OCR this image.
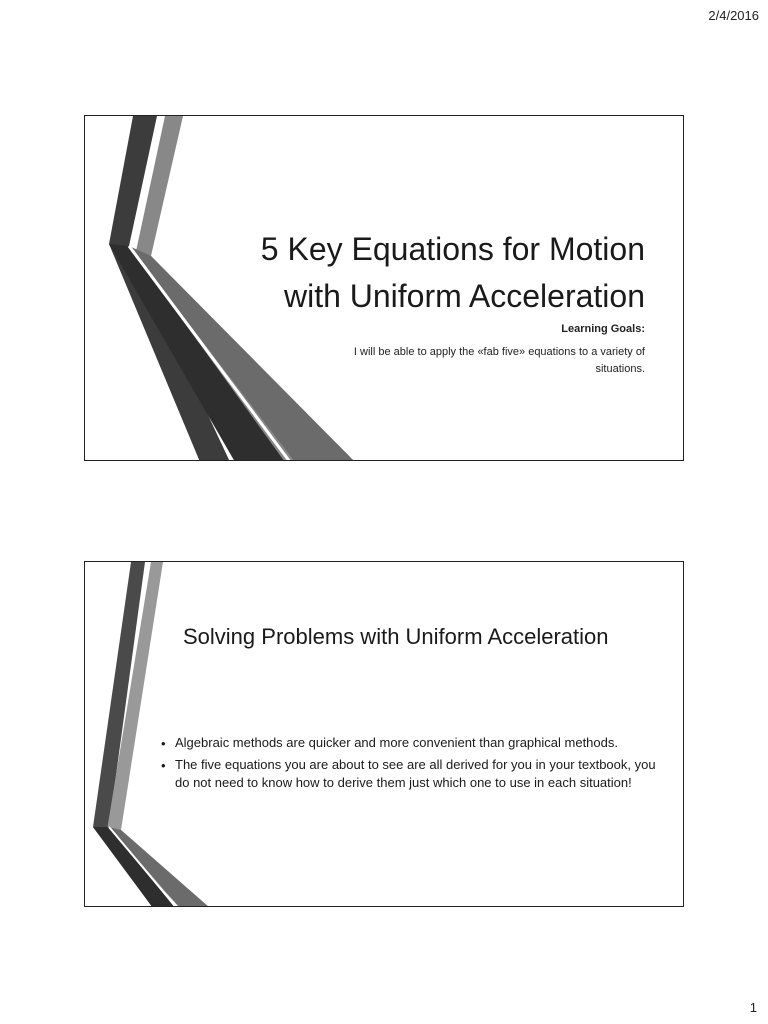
2/4/2016
5 Key Equations for Motion
with Uniform Acceleration
Learning Goals:
I will be able to apply the «fab five» equations to a variety of situations.
Solving Problems with Uniform Acceleration
• Algebraic methods are quicker and more convenient than graphical methods.
• The five equations you are about to see are all derived for you in your textbook, you do not need to know how to derive them just which one to use in each situation!
1
